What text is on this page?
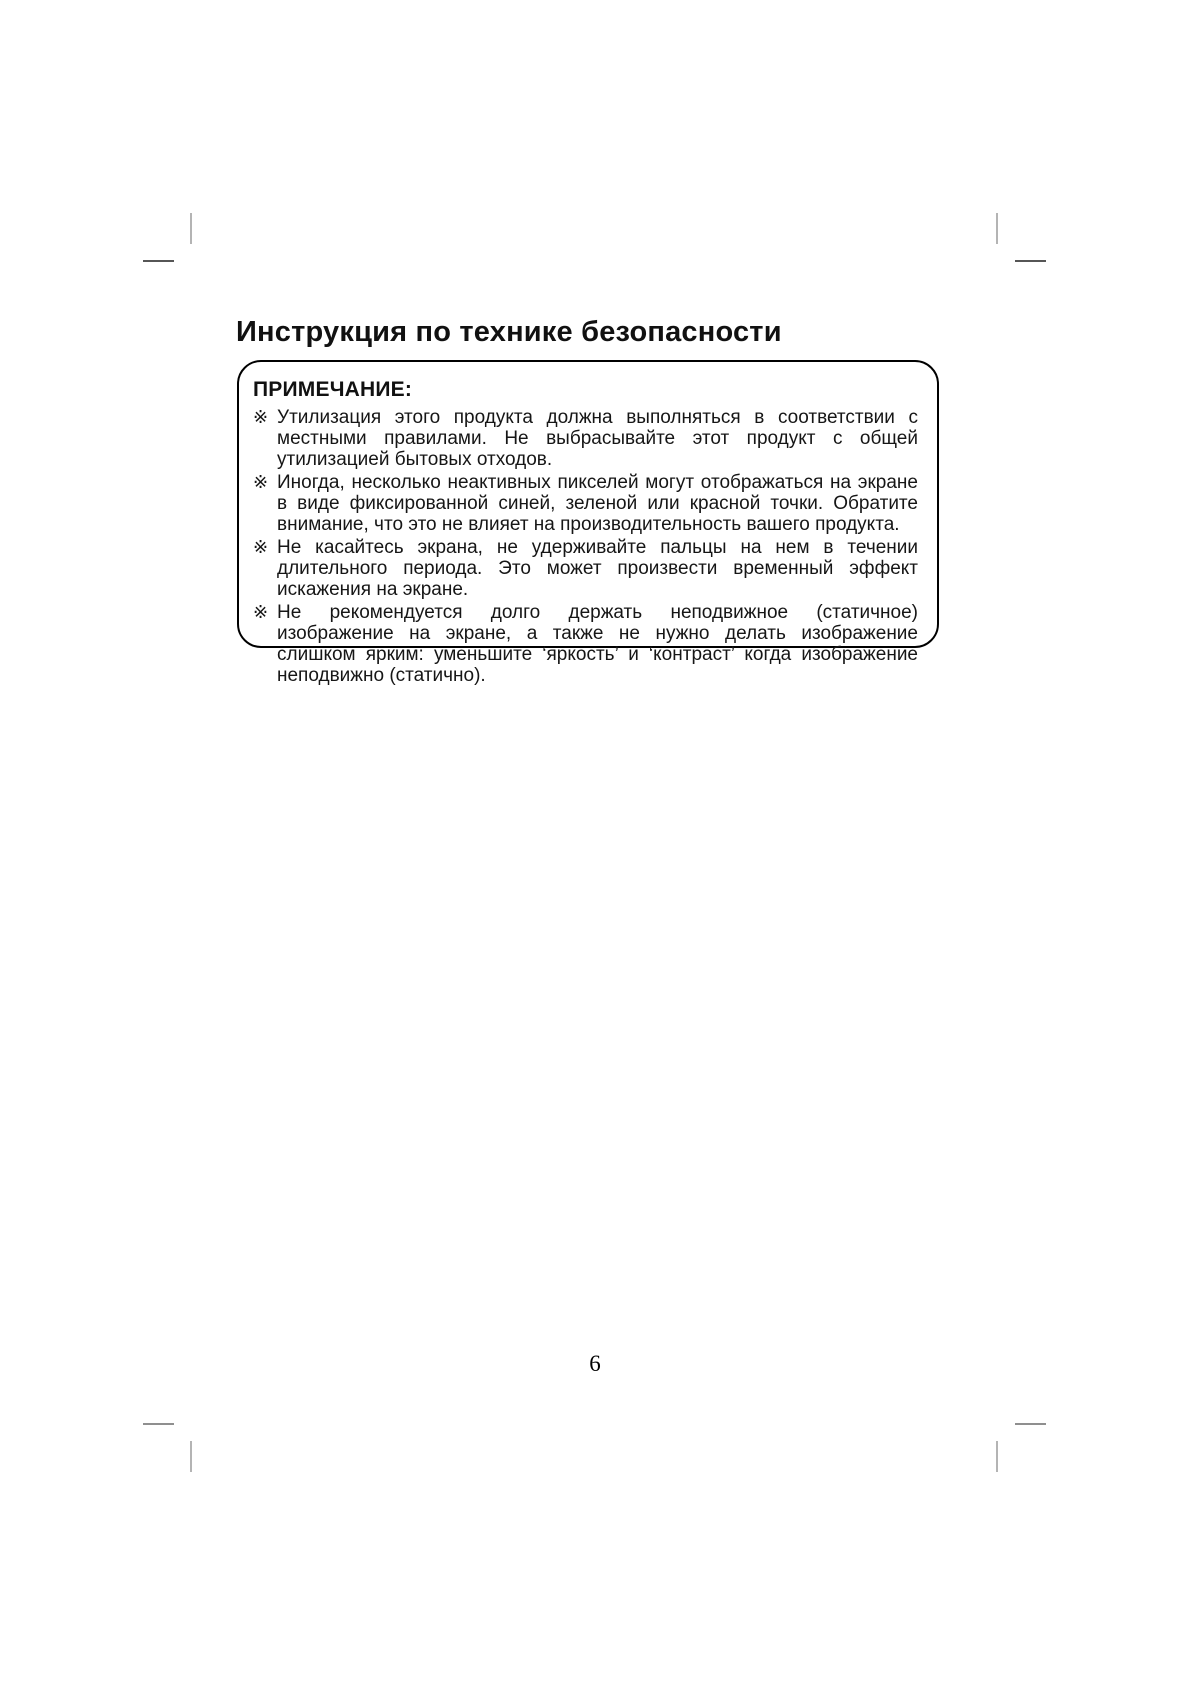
Инструкция по технике безопасности

ПРИМЕЧАНИЕ:

※ Утилизация этого продукта должна выполняться в соответствии с местными правилами. Не выбрасывайте этот продукт с общей утилизацией бытовых отходов.

※ Иногда, несколько неактивных пикселей могут отображаться на экране в виде фиксированной синей, зеленой или красной точки. Обратите внимание, что это не влияет на производительность вашего продукта.

※ Не касайтесь экрана, не удерживайте пальцы на нем в течении длительного периода. Это может произвести временный эффект искажения на экране.

※ Не рекомендуется долго держать неподвижное (статичное) изображение на экране, а также не нужно делать изображение слишком ярким: уменьшите ‘яркость’ и ‘контраст’ когда изображение неподвижно (статично).

6
